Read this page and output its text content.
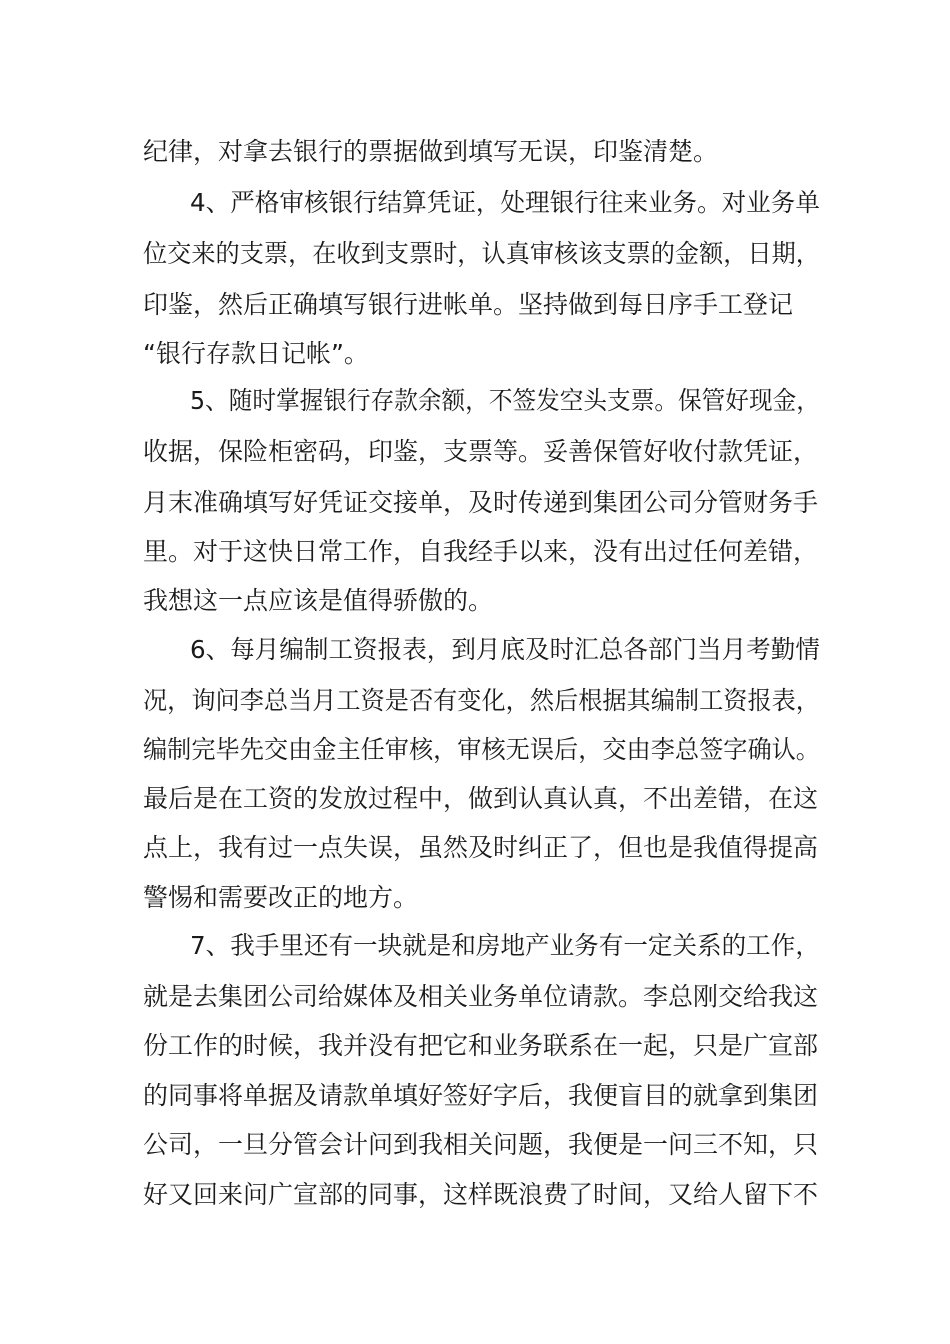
纪律，对拿去银行的票据做到填写无误，印鉴清楚。
4、严格审核银行结算凭证，处理银行往来业务。对业务单
位交来的支票，在收到支票时，认真审核该支票的金额，日期，
印鉴，然后正确填写银行进帐单。坚持做到每日序手工登记
“银行存款日记帐”。
5、随时掌握银行存款余额，不签发空头支票。保管好现金，
收据，保险柜密码，印鉴，支票等。妥善保管好收付款凭证，
月末准确填写好凭证交接单，及时传递到集团公司分管财务手
里。对于这快日常工作，自我经手以来，没有出过任何差错，
我想这一点应该是值得骄傲的。
6、每月编制工资报表，到月底及时汇总各部门当月考勤情
况，询问李总当月工资是否有变化，然后根据其编制工资报表，
编制完毕先交由金主任审核，审核无误后，交由李总签字确认。
最后是在工资的发放过程中，做到认真认真，不出差错，在这
点上，我有过一点失误，虽然及时纠正了，但也是我值得提高
警惕和需要改正的地方。
7、我手里还有一块就是和房地产业务有一定关系的工作，
就是去集团公司给媒体及相关业务单位请款。李总刚交给我这
份工作的时候，我并没有把它和业务联系在一起，只是广宣部
的同事将单据及请款单填好签好字后，我便盲目的就拿到集团
公司，一旦分管会计问到我相关问题，我便是一问三不知，只
好又回来问广宣部的同事，这样既浪费了时间，又给人留下不
